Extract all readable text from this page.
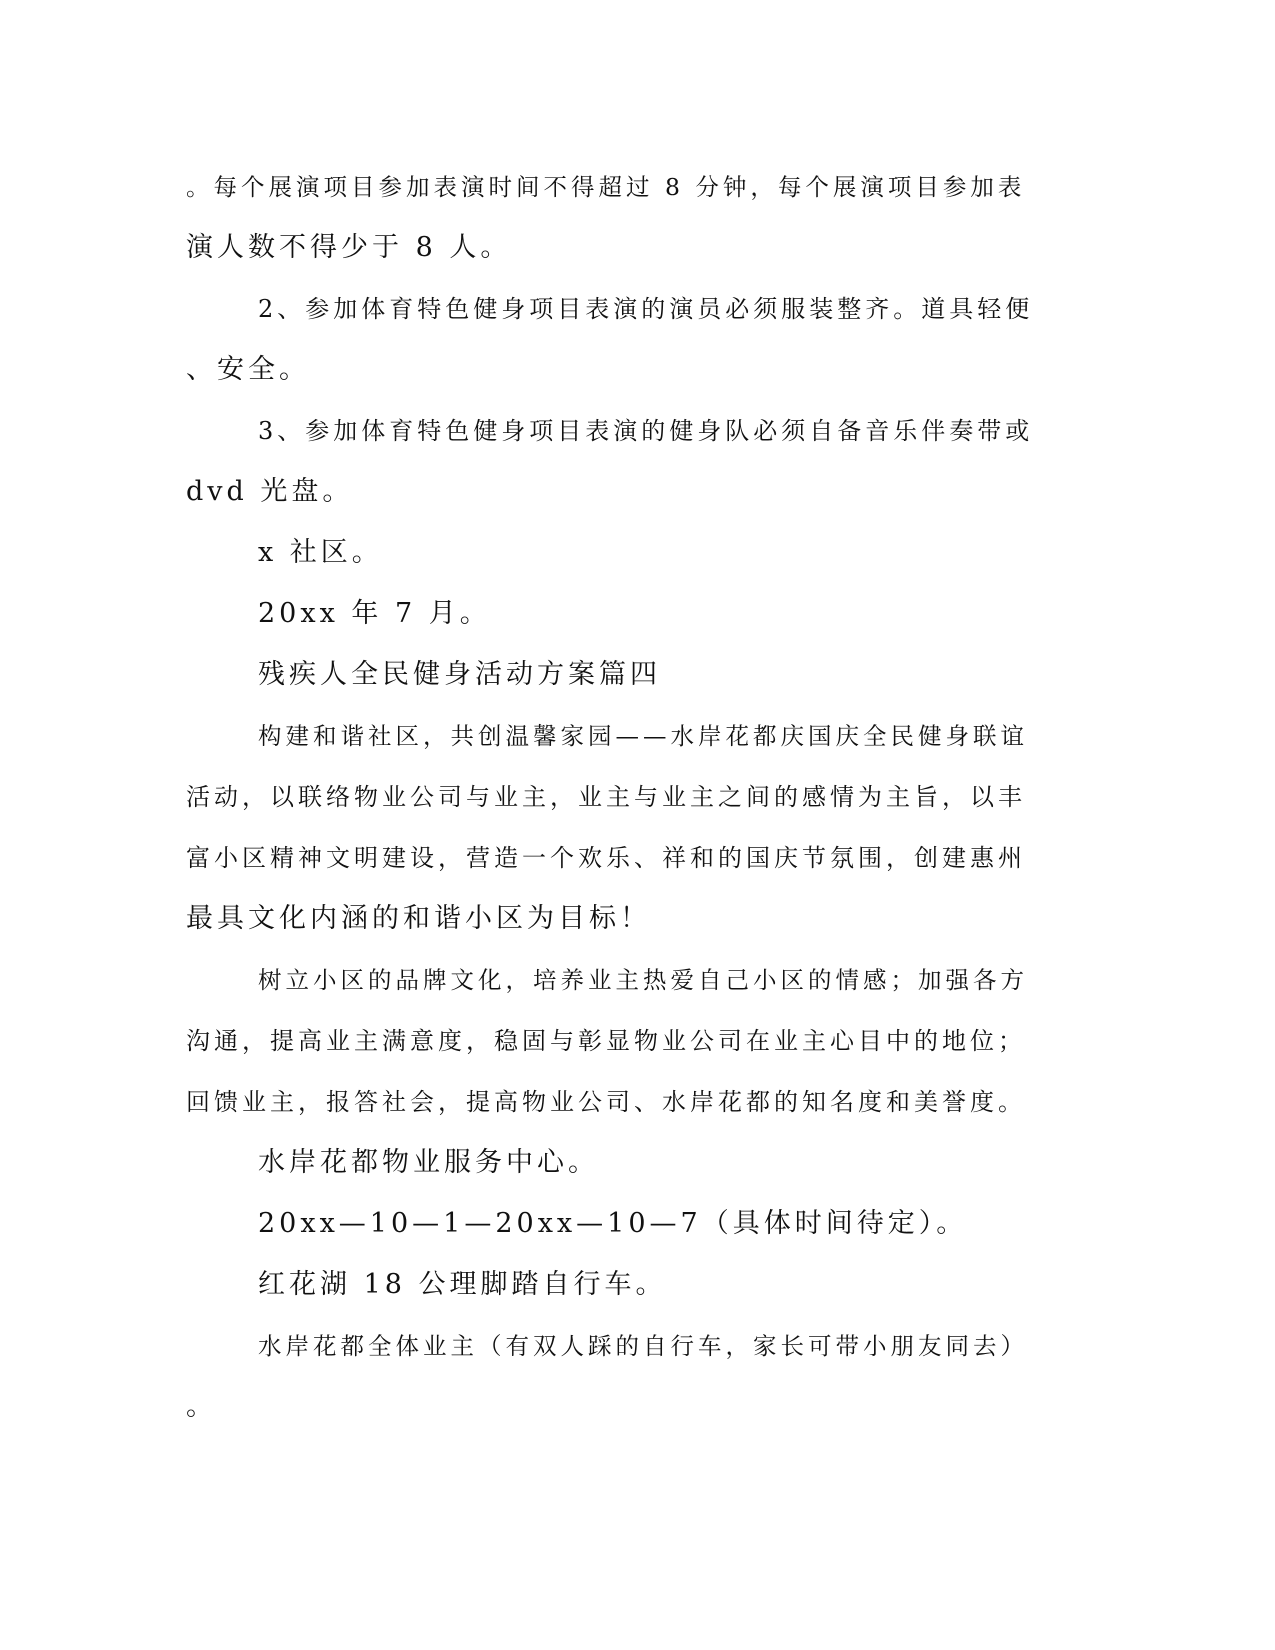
。每个展演项目参加表演时间不得超过 8 分钟，每个展演项目参加表
演人数不得少于 8 人。
2、参加体育特色健身项目表演的演员必须服装整齐。道具轻便
、安全。
3、参加体育特色健身项目表演的健身队必须自备音乐伴奏带或
dvd 光盘。
x 社区。
20xx 年 7 月。
残疾人全民健身活动方案篇四
构建和谐社区，共创温馨家园——水岸花都庆国庆全民健身联谊
活动，以联络物业公司与业主，业主与业主之间的感情为主旨，以丰
富小区精神文明建设，营造一个欢乐、祥和的国庆节氛围，创建惠州
最具文化内涵的和谐小区为目标！
树立小区的品牌文化，培养业主热爱自己小区的情感；加强各方
沟通，提高业主满意度，稳固与彰显物业公司在业主心目中的地位；
回馈业主，报答社会，提高物业公司、水岸花都的知名度和美誉度。
水岸花都物业服务中心。
20xx—10—1—20xx—10—7（具体时间待定）。
红花湖 18 公理脚踏自行车。
水岸花都全体业主（有双人踩的自行车，家长可带小朋友同去）
。
